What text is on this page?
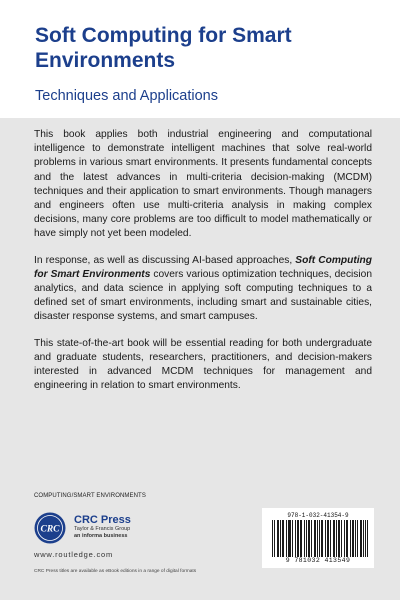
Soft Computing for Smart Environments

Techniques and Applications

This book applies both industrial engineering and computational intelligence to demonstrate intelligent machines that solve real-world problems in various smart environments. It presents fundamental concepts and the latest advances in multi-criteria decision-making (MCDM) techniques and their application to smart environments. Though managers and engineers often use multi-criteria analysis in making complex decisions, many core problems are too difficult to model mathematically or have simply not yet been modeled.

In response, as well as discussing AI-based approaches, Soft Computing for Smart Environments covers various optimization techniques, decision analytics, and data science in applying soft computing techniques to a defined set of smart environments, including smart and sustainable cities, disaster response systems, and smart campuses.

This state-of-the-art book will be essential reading for both undergraduate and graduate students, researchers, practitioners, and decision-makers interested in advanced MCDM techniques for management and engineering in relation to smart environments.

COMPUTING/SMART ENVIRONMENTS
CRC
CRC Press
Taylor & Francis Group
an informa business
www.routledge.com
CRC Press titles are available as eBook editions in a range of digital formats
978-1-032-41354-9
9 781032 413549
